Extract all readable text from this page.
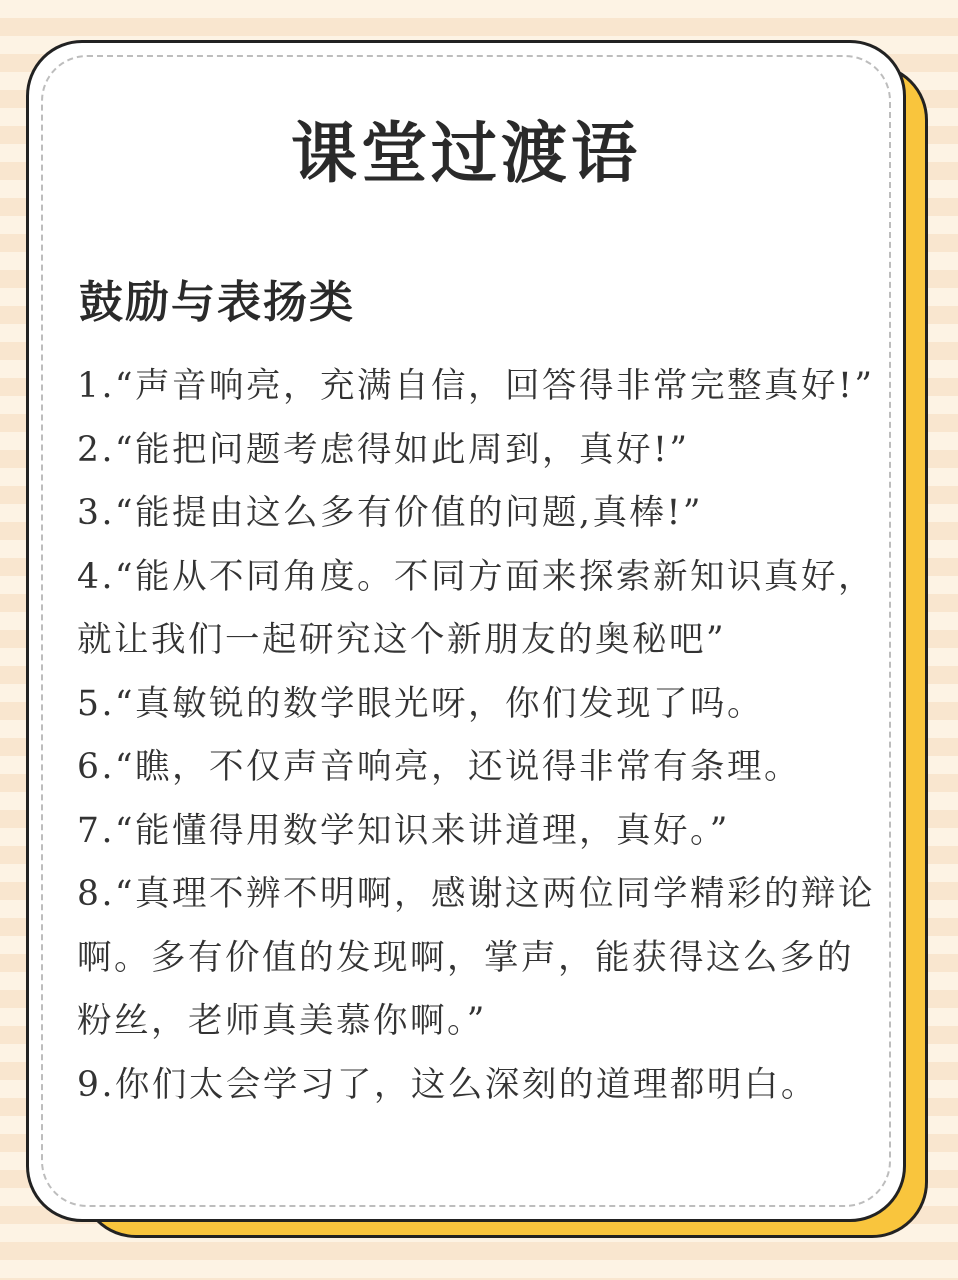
课堂过渡语
鼓励与表扬类
1.“声音响亮，充满自信，回答得非常完整真好!”
2.“能把问题考虑得如此周到，真好!”
3.“能提由这么多有价值的问题,真棒!”
4.“能从不同角度。不同方面来探索新知识真好，就让我们一起研究这个新朋友的奥秘吧”
5.“真敏锐的数学眼光呀，你们发现了吗。
6.“瞧，不仅声音响亮，还说得非常有条理。
7.“能懂得用数学知识来讲道理，真好。”
8.“真理不辨不明啊，感谢这两位同学精彩的辩论啊。多有价值的发现啊，掌声，能获得这么多的粉丝，老师真美慕你啊。”
9.你们太会学习了，这么深刻的道理都明白。
